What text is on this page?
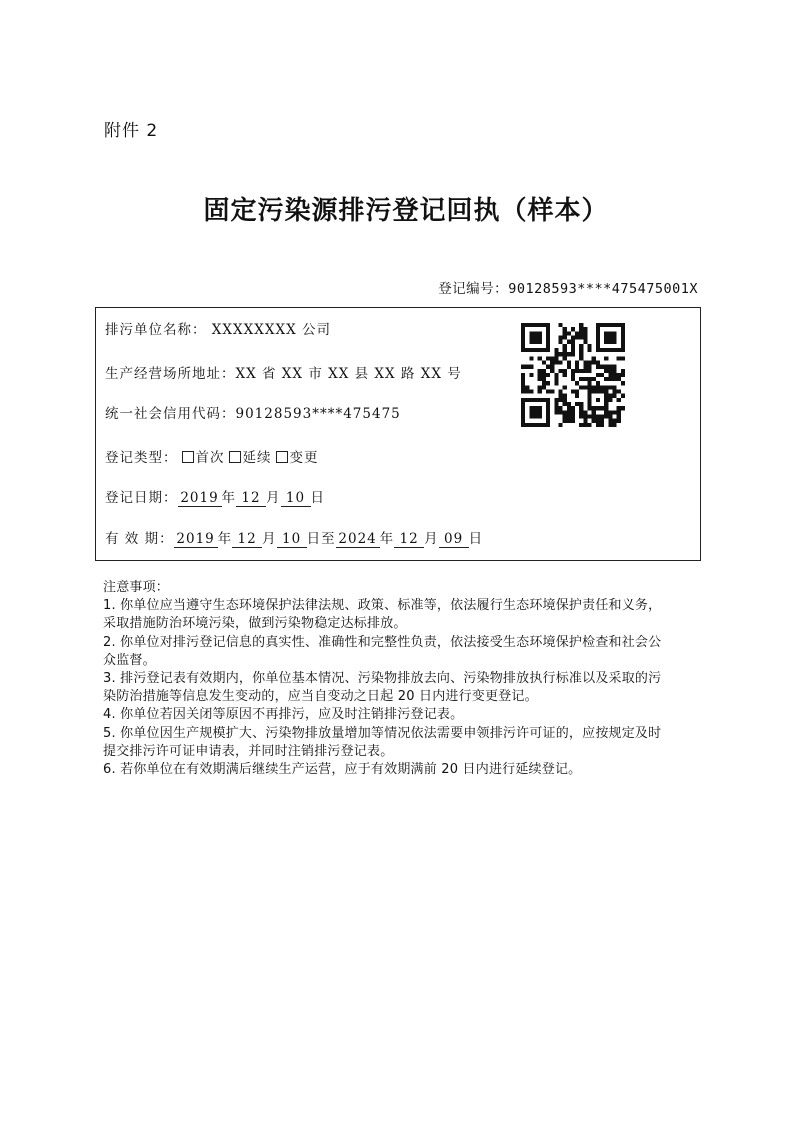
附件 2
固定污染源排污登记回执（样本）
登记编号：90128593****475475001X
排污单位名称： XXXXXXXX 公司
生产经营场所地址：XX 省 XX 市 XX 县 XX 路 XX 号
统一社会信用代码：90128593****475475
登记类型： 首次 延续 变更
登记日期： 2019 年 12 月 10 日
有 效 期： 2019 年 12 月 10 日至 2024 年 12 月 09 日
注意事项：
1. 你单位应当遵守生态环境保护法律法规、政策、标准等，依法履行生态环境保护责任和义务，
采取措施防治环境污染，做到污染物稳定达标排放。
2. 你单位对排污登记信息的真实性、准确性和完整性负责，依法接受生态环境保护检查和社会公
众监督。
3. 排污登记表有效期内，你单位基本情况、污染物排放去向、污染物排放执行标准以及采取的污
染防治措施等信息发生变动的，应当自变动之日起 20 日内进行变更登记。
4. 你单位若因关闭等原因不再排污，应及时注销排污登记表。
5. 你单位因生产规模扩大、污染物排放量增加等情况依法需要申领排污许可证的，应按规定及时
提交排污许可证申请表，并同时注销排污登记表。
6. 若你单位在有效期满后继续生产运营，应于有效期满前 20 日内进行延续登记。
